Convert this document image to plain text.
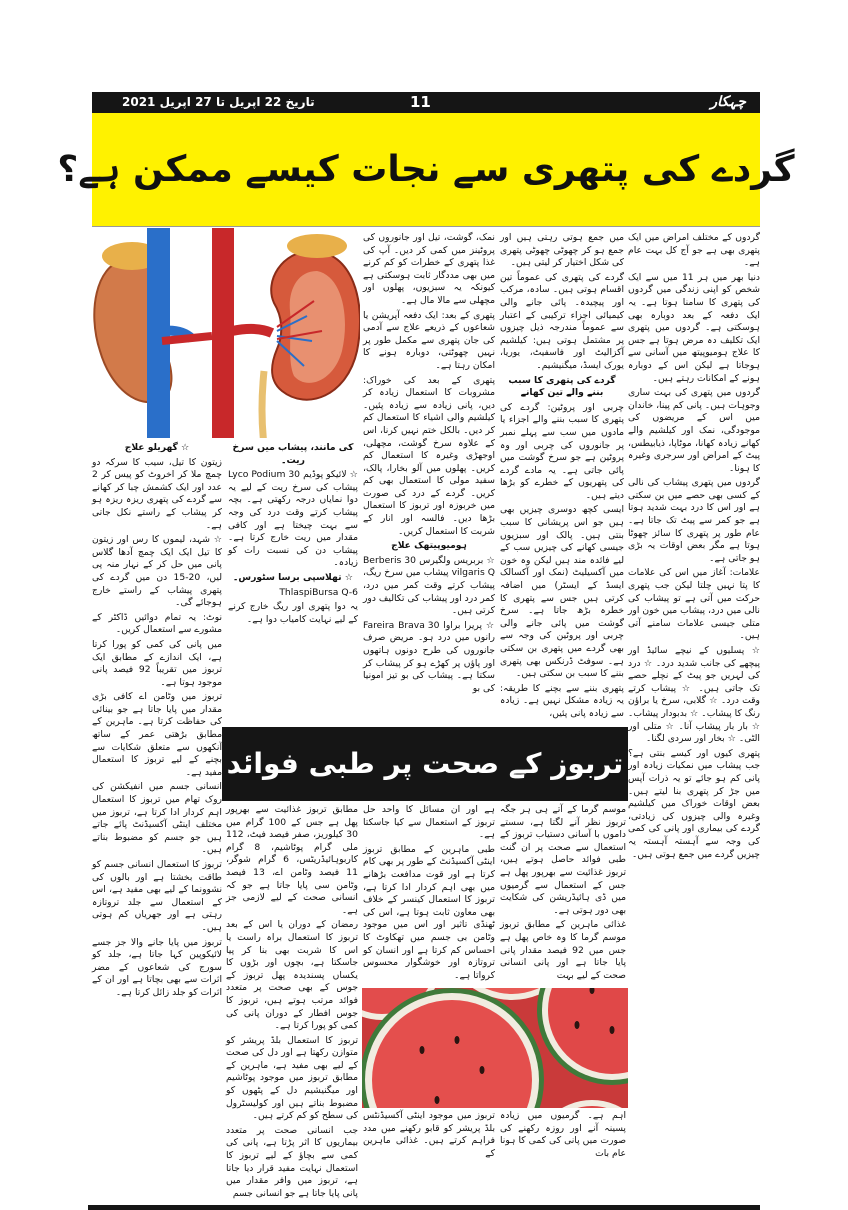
تاریخ 22 اپریل تا 27 اپریل 2021	11	چہکار
گردے کی پتھری سے نجات کیسے ممکن ہے؟

گردوں کے مختلف امراض میں ایک پتھری بھی ہے جو آج کل بہت عام ہے۔

دنیا بھر میں ہر 11 میں سے ایک شخص کو اپنی زندگی میں گردوں کی پتھری کا سامنا ہوتا ہے۔ یہ ایک دفعہ کے بعد دوبارہ بھی ہوسکتی ہے۔ گردوں میں پتھری ایک تکلیف دہ مرض ہوتا ہے جس کا علاج ہومیوپیتھ میں آسانی سے ہوجاتا ہے لیکن اس کے دوبارہ ہونے کے امکانات رہتے ہیں۔

گردوں میں پتھری کی بہت ساری وجوہات ہیں۔ پانی کم پینا، خاندان میں اس کے مریضوں کی موجودگی، نمک اور کیلشیم والے کھانے زیادہ کھانا، موٹاپا، ذیابیطس، پیٹ کے امراض اور سرجری وغیرہ کا ہونا۔

گردوں میں پتھری پیشاب کی نالی کے کسی بھی حصے میں بن سکتی ہے اور اس کا درد بہت شدید ہوتا ہے جو کمر سے پیٹ تک جاتا ہے۔ عام طور پر پتھری کا سائز چھوٹا ہوتا ہے مگر بعض اوقات یہ بڑی ہو جاتی ہے۔

علامات: آغاز میں اس کی علامات کا پتا نہیں چلتا لیکن جب پتھری حرکت میں آتی ہے تو پیشاب کی نالی میں درد، پیشاب میں خون اور متلی جیسی علامات سامنے آتی ہیں۔

☆ پسلیوں کے نیچے سائیڈ اور پیچھے کی جانب شدید درد۔ ☆ درد کی لہریں جو پیٹ کے نچلے حصے تک جاتی ہیں۔ ☆ پیشاب کرتے وقت درد۔ ☆ گلابی، سرخ یا براؤن رنگ کا پیشاب۔ ☆ بدبودار پیشاب۔ ☆ بار بار پیشاب آنا۔ ☆ متلی اور الٹی۔ ☆ بخار اور سردی لگنا۔

پتھری کیوں اور کیسے بنتی ہے؟ جب پیشاب میں نمکیات زیادہ اور پانی کم ہو جائے تو یہ ذرات آپس میں جڑ کر پتھری بنا لیتے ہیں۔ بعض اوقات خوراک میں کیلشیم وغیرہ والی چیزوں کی زیادتی، گردے کی بیماری اور پانی کی کمی کی وجہ سے آہستہ آہستہ یہ چیزیں گردے میں جمع ہوتی ہیں۔

میں جمع ہوتی رہتی ہیں اور جمع ہو کر چھوٹی چھوٹی پتھری کی شکل اختیار کر لیتی ہیں۔

گردے کی پتھری کی عموماً تین اقسام ہوتی ہیں۔ سادہ، مرکب اور پیچیدہ۔ پائی جانے والی کیمیائی اجزاء ترکیبی کے اعتبار سے عموماً مندرجہ ذیل چیزوں پر مشتمل ہوتی ہیں: کیلشیم آکزالیٹ اور فاسفیٹ، یوریا، یورک ایسڈ، میگنیشیم۔

گردے کی پتھری کا سبب بننے والے تین کھانے

چربی اور پروٹین: گردے کی پتھری کا سبب بننے والے اجزاء یا مادوں میں سب سے پہلے نمبر پر جانوروں کی چربی اور وہ پروٹین ہے جو سرخ گوشت میں پائی جاتی ہے۔ یہ مادے گردے کی پتھریوں کے خطرے کو بڑھا دیتے ہیں۔

ایسی کچھ دوسری چیزیں بھی ہیں جو اس پریشانی کا سبب بنتی ہیں۔ پالک اور سبزیوں جیسی کھانے کی چیزیں سب کے لیے فائدہ مند ہیں لیکن وہ خون میں آکسیلیٹ (نمک اور آکسالک ایسڈ کے ایسٹر) میں اضافہ کرتی ہیں جس سے پتھری کا خطرہ بڑھ جاتا ہے۔ سرخ گوشت میں پائی جانے والی چربی اور پروٹین کی وجہ سے بھی گردے میں پتھری بن سکتی ہے۔ سوفٹ ڈرنکس بھی پتھری بننے کا سبب بن سکتی ہیں۔

پتھری بننے سے بچنے کا طریقہ: یہ زیادہ مشکل نہیں ہے۔ زیادہ سے زیادہ پانی پئیں،

نمک، گوشت، تیل اور جانوروں کی پروٹینز میں کمی کر دیں۔ آپ کی غذا پتھری کے خطرات کو کم کرنے میں بھی مددگار ثابت ہوسکتی ہے کیونکہ یہ سبزیوں، پھلوں اور مچھلی سے مالا مال ہے۔

پتھری کے بعد: ایک دفعہ آپریشن یا شعاعوں کے ذریعے علاج سے آدمی کی جان پتھری سے مکمل طور پر نہیں چھوٹتی، دوبارہ ہونے کا امکان رہتا ہے۔

پتھری کے بعد کی خوراک: مشروبات کا استعمال زیادہ کر دیں، پانی زیادہ سے زیادہ پئیں۔ کیلشیم والی اشیاء کا استعمال کم کر دیں۔ بالکل ختم نہیں کرنا، اس کے علاوہ سرخ گوشت، مچھلی، اوجھڑی وغیرہ کا استعمال کم کریں۔ پھلوں میں آلو بخارا، پالک، سفید مولی کا استعمال بھی کم کریں۔ گردے کے درد کی صورت میں خربوزہ اور تربوز کا استعمال بڑھا دیں۔ فالسہ اور انار کے شربت کا استعمال کریں۔

ہومیوپیتھک علاج

☆ بربریس ولگیرس 30 Berberis vilgaris Q پیشاب میں سرخ ریگ، پیشاب کرتے وقت کمر میں درد، کمر درد اور پیشاب کی تکالیف دور کرتی ہیں۔

☆ پریرا براوا Fareira Brava 30 رانوں میں درد ہو۔ مریض صرف جانوروں کی طرح دونوں ہاتھوں اور پاؤں پر کھڑے ہو کر پیشاب کر سکتا ہے۔ پیشاب کی بو تیز امونیا کی بو

کی مانند، پیشاب میں سرخ ریت۔

☆ لائیکو پوڈیم Lyco Podium 30 پیشاب کی سرخ ریت کے لیے یہ دوا نمایاں درجہ رکھتی ہے۔ بچہ پیشاب کرتے وقت درد کی وجہ سے بہت چیختا ہے اور کافی مقدار میں ریت خارج کرتا ہے۔ پیشاب دن کی نسبت رات کو زیادہ۔

☆ تھلاسپی برسا سٹورس۔

ThlaspiBursa Q-6

یہ دوا پتھری اور ریگ خارج کرنے کے لیے نہایت کامیاب دوا ہے۔

☆ گھریلو علاج

زیتون کا تیل، سیب کا سرکہ دو چمچ ملا کر اخروٹ کو پیس کر 2 عدد اور ایک کشمش چبا کر کھانے سے گردے کی پتھری ریزہ ریزہ ہو کر پیشاب کے راستے نکل جاتی ہے۔

☆ شہد، لیموں کا رس اور زیتون کا تیل ایک ایک چمچ آدھا گلاس پانی میں حل کر کے نہار منہ پی لیں، 20-15 دن میں گردے کی پتھری پیشاب کے راستے خارج ہوجائے گی۔

نوٹ: یہ تمام دوائیں ڈاکٹر کے مشورے سے استعمال کریں۔

میں پانی کی کمی کو پورا کرتا ہے، ایک اندازے کے مطابق ایک تربوز میں تقریباً 92 فیصد پانی موجود ہوتا ہے۔

تربوز میں وٹامن اے کافی بڑی مقدار میں پایا جاتا ہے جو بینائی کی حفاظت کرتا ہے۔ ماہرین کے مطابق بڑھتی عمر کے ساتھ آنکھوں سے متعلق شکایات سے بچنے کے لیے تربوز کا استعمال مفید ہے۔

انسانی جسم میں انفیکشن کی روک تھام میں تربوز کا استعمال اہم کردار ادا کرتا ہے، تربوز میں مختلف اینٹی آکسیڈنٹ پائے جاتے ہیں جو جسم کو مضبوط بناتے ہیں۔

تربوز کا استعمال انسانی جسم کو طاقت بخشتا ہے اور بالوں کی نشوونما کے لیے بھی مفید ہے، اس کے استعمال سے جلد تروتازہ رہتی ہے اور جھریاں کم ہوتی ہیں۔

تربوز میں پایا جانے والا جز جسے لائیکوپین کہا جاتا ہے، جلد کو سورج کی شعاعوں کے مضر اثرات سے بھی بچاتا ہے اور ان کے اثرات کو جلد زائل کرتا ہے۔

تربوز کے صحت پر طبی فوائد

موسم گرما کے آتے ہی ہر جگہ تربوز نظر آنے لگتا ہے، سستے داموں با آسانی دستیاب تربوز کے استعمال سے صحت پر ان گنت طبی فوائد حاصل ہوتے ہیں، تربوز غذائیت سے بھرپور پھل ہے جس کے استعمال سے گرمیوں میں ڈی ہائیڈریشن کی شکایت بھی دور ہوتی ہے۔

غذائی ماہرین کے مطابق تربوز موسم گرما کا وہ خاص پھل ہے جس میں 92 فیصد مقدار پانی پایا جاتا ہے اور پانی انسانی صحت کے لیے بہت

ہے اور ان مسائل کا واحد حل تربوز کے استعمال سے کیا جاسکتا ہے۔

طبی ماہرین کے مطابق تربوز اینٹی آکسیڈنٹ کے طور پر بھی کام کرتا ہے اور قوت مدافعت بڑھانے میں بھی اہم کردار ادا کرتا ہے، تربوز کا استعمال کینسر کے خلاف بھی معاون ثابت ہوتا ہے، اس کی ٹھنڈی تاثیر اور اس میں موجود وٹامن بی جسم میں تھکاوٹ کا احساس کم کرتا ہے اور انسان کو تروتازہ اور خوشگوار محسوس کرواتا ہے۔

مطابق تربوز غذائیت سے بھرپور پھل ہے جس کے 100 گرام میں 30 کیلوریز، صفر فیصد فیٹ، 112 ملی گرام پوٹاشیم، 8 گرام کاربوہائیڈریٹس، 6 گرام شوگر، 11 فیصد وٹامن اے، 13 فیصد وٹامن سی پایا جاتا ہے جو کہ انسانی صحت کے لیے لازمی جز ہے۔

رمضان کے دوران یا اس کے بعد تربوز کا استعمال براہ راست یا اس کا شربت بھی بنا کر پیا جاسکتا ہے، بچوں اور بڑوں کا یکساں پسندیدہ پھل تربوز کے جوس کے بھی صحت پر متعدد فوائد مرتب ہوتے ہیں، تربوز کا جوس افطار کے دوران پانی کی کمی کو پورا کرتا ہے۔

تربوز کا استعمال بلڈ پریشر کو متوازن رکھتا ہے اور دل کی صحت کے لیے بھی مفید ہے، ماہرین کے مطابق تربوز میں موجود پوٹاشیم اور میگنیشیم دل کے پٹھوں کو مضبوط بناتے ہیں اور کولیسٹرول کی سطح کو کم کرتے ہیں۔

جب انسانی صحت پر متعدد بیماریوں کا اثر پڑتا ہے، پانی کی کمی سے بچاؤ کے لیے تربوز کا استعمال نہایت مفید قرار دیا جاتا ہے، تربوز میں وافر مقدار میں پانی پایا جاتا ہے جو انسانی جسم

اہم ہے۔ گرمیوں میں زیادہ پسینہ آنے اور روزہ رکھنے کی صورت میں پانی کی کمی کا ہونا عام بات

تربوز میں موجود اینٹی آکسیڈنٹس بلڈ پریشر کو قابو رکھنے میں مدد فراہم کرتے ہیں۔ غذائی ماہرین کے
